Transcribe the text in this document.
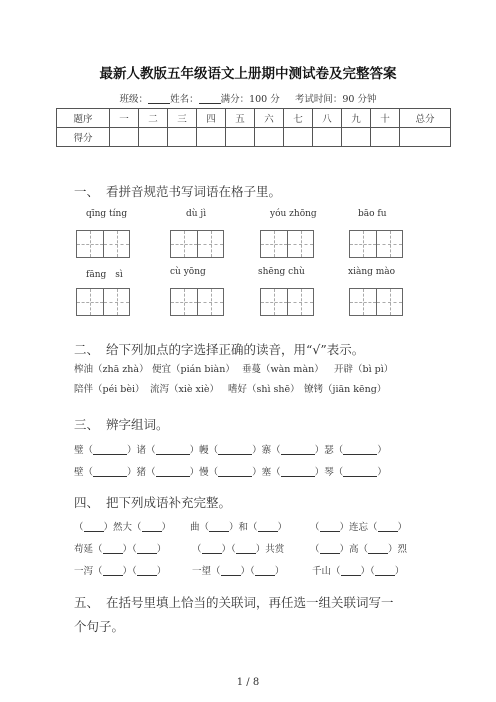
最新人教版五年级语文上册期中测试卷及完整答案
班级： 姓名： 满分：100 分 考试时间：90 分钟
题序	一	二	三	四	五	六	七	八	九	十	总分
得分											
一、 看拼音规范书写词语在格子里。
qīng tíng	dù jì	yóu zhōng	bāo fu
fāng　sì	cù yōng	shēng chù	xiàng mào
二、 给下列加点的字选择正确的读音，用“√”表示。
榨油（zhā zhà） 便宜（pián biàn） 垂蔓（wàn màn） 开辟（bì pì）
陪伴（péi bèi） 流泻（xiè xiè） 嗜好（shì shē） 镣铐（jiān kēng）
三、 辨字组词。
璧（	）诸（	）幔（	）寨（	）瑟（	）
壁（	）猪（	）慢（	）塞（	）琴（	）
四、 把下列成语补充完整。
（ ）然大（ ） 曲（ ）和（ ） （ ）连忘（ ）
苟延（ ）（ ）	（ ）（ ）共赏	（ ）高（ ）烈
一泻（ ）（ ）	一望（ ）（ ）	千山（ ）（ ）
五、 在括号里填上恰当的关联词，再任选一组关联词写一
个句子。
1 / 8
